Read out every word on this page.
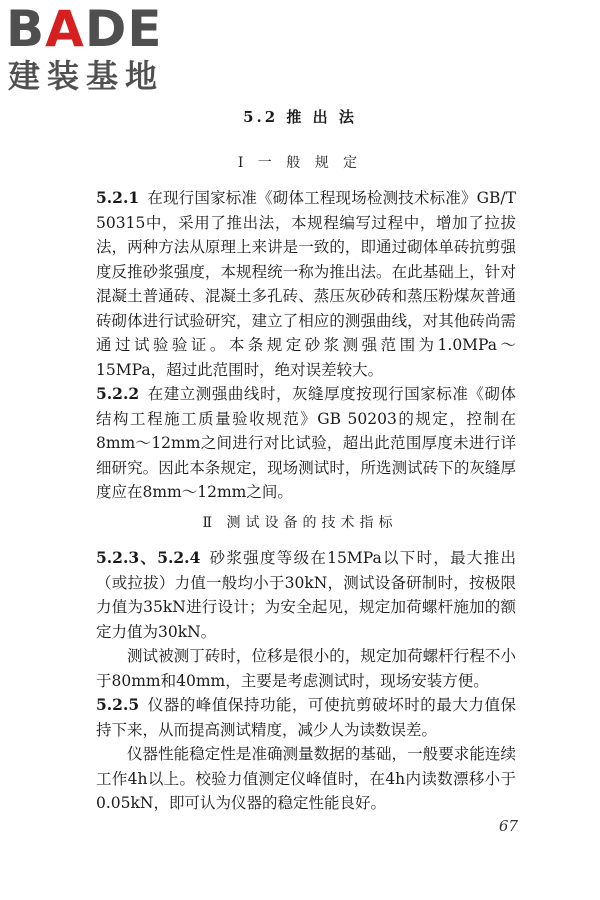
BADE
建装基地
5.2 推 出 法
Ⅰ 一 般 规 定

5.2.1 在现行国家标准《砌体工程现场检测技术标准》GB/T 50315中，采用了推出法，本规程编写过程中，增加了拉拔法，两种方法从原理上来讲是一致的，即通过砌体单砖抗剪强度反推砂浆强度，本规程统一称为推出法。在此基础上，针对混凝土普通砖、混凝土多孔砖、蒸压灰砂砖和蒸压粉煤灰普通砖砌体进行试验研究，建立了相应的测强曲线，对其他砖尚需通过试验验证。本条规定砂浆测强范围为1.0MPa～15MPa，超过此范围时，绝对误差较大。

5.2.2 在建立测强曲线时，灰缝厚度按现行国家标准《砌体结构工程施工质量验收规范》GB 50203的规定，控制在8mm～12mm之间进行对比试验，超出此范围厚度未进行详细研究。因此本条规定，现场测试时，所选测试砖下的灰缝厚度应在8mm～12mm之间。

Ⅱ 测试设备的技术指标

5.2.3、5.2.4 砂浆强度等级在15MPa以下时，最大推出（或拉拔）力值一般均小于30kN，测试设备研制时，按极限力值为35kN进行设计；为安全起见，规定加荷螺杆施加的额定力值为30kN。

测试被测丁砖时，位移是很小的，规定加荷螺杆行程不小于80mm和40mm，主要是考虑测试时，现场安装方便。

5.2.5 仪器的峰值保持功能，可使抗剪破坏时的最大力值保持下来，从而提高测试精度，减少人为读数误差。

仪器性能稳定性是准确测量数据的基础，一般要求能连续工作4h以上。校验力值测定仪峰值时，在4h内读数漂移小于0.05kN，即可认为仪器的稳定性能良好。

67
